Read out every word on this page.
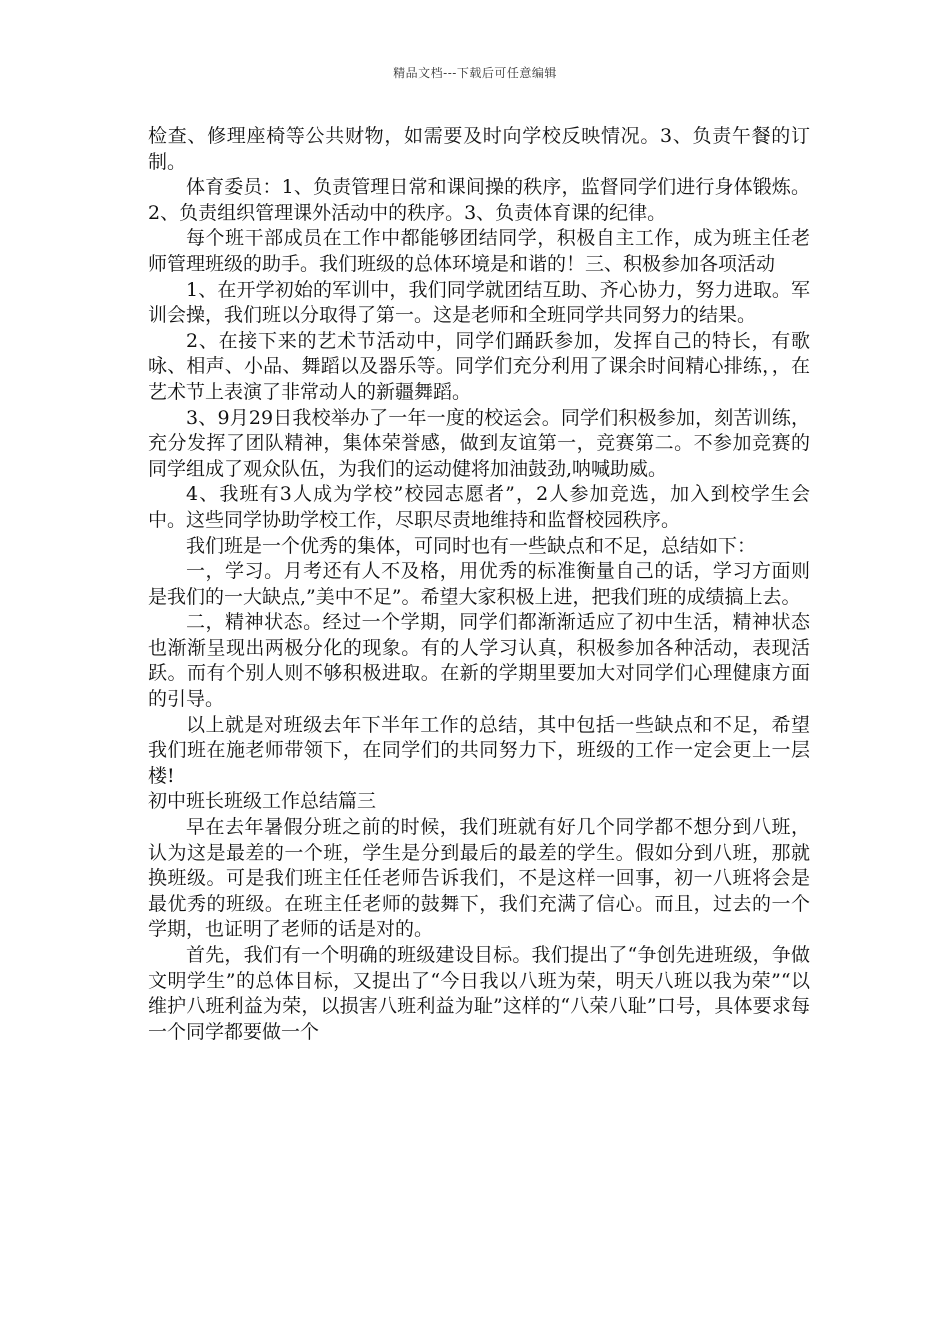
精品文档---下载后可任意编辑

检查、修理座椅等公共财物，如需要及时向学校反映情况。3、负责午餐的订制。

体育委员：1、负责管理日常和课间操的秩序，监督同学们进行身体锻炼。2、负责组织管理课外活动中的秩序。3、负责体育课的纪律。

每个班干部成员在工作中都能够团结同学，积极自主工作，成为班主任老师管理班级的助手。我们班级的总体环境是和谐的！三、积极参加各项活动

1、在开学初始的军训中，我们同学就团结互助、齐心协力，努力进取。军训会操，我们班以分取得了第一。这是老师和全班同学共同努力的结果。

2、在接下来的艺术节活动中，同学们踊跃参加，发挥自己的特长，有歌咏、相声、小品、舞蹈以及器乐等。同学们充分利用了课余时间精心排练，，在艺术节上表演了非常动人的新疆舞蹈。

3、9月29日我校举办了一年一度的校运会。同学们积极参加，刻苦训练，充分发挥了团队精神，集体荣誉感，做到友谊第一，竞赛第二。不参加竞赛的同学组成了观众队伍，为我们的运动健将加油鼓劲,呐喊助威。

4、我班有3人成为学校”校园志愿者”，2人参加竞选，加入到校学生会中。这些同学协助学校工作，尽职尽责地维持和监督校园秩序。

我们班是一个优秀的集体，可同时也有一些缺点和不足，总结如下：

一，学习。月考还有人不及格，用优秀的标准衡量自己的话，学习方面则是我们的一大缺点,”美中不足”。希望大家积极上进，把我们班的成绩搞上去。

二，精神状态。经过一个学期，同学们都渐渐适应了初中生活，精神状态也渐渐呈现出两极分化的现象。有的人学习认真，积极参加各种活动，表现活跃。而有个别人则不够积极进取。在新的学期里要加大对同学们心理健康方面的引导。

以上就是对班级去年下半年工作的总结，其中包括一些缺点和不足，希望我们班在施老师带领下，在同学们的共同努力下，班级的工作一定会更上一层楼!

初中班长班级工作总结篇三

早在去年暑假分班之前的时候，我们班就有好几个同学都不想分到八班，认为这是最差的一个班，学生是分到最后的最差的学生。假如分到八班，那就换班级。可是我们班主任任老师告诉我们，不是这样一回事，初一八班将会是最优秀的班级。在班主任老师的鼓舞下，我们充满了信心。而且，过去的一个学期，也证明了老师的话是对的。

首先，我们有一个明确的班级建设目标。我们提出了“争创先进班级，争做文明学生”的总体目标，又提出了“今日我以八班为荣，明天八班以我为荣”“以维护八班利益为荣，以损害八班利益为耻”这样的“八荣八耻”口号，具体要求每一个同学都要做一个
